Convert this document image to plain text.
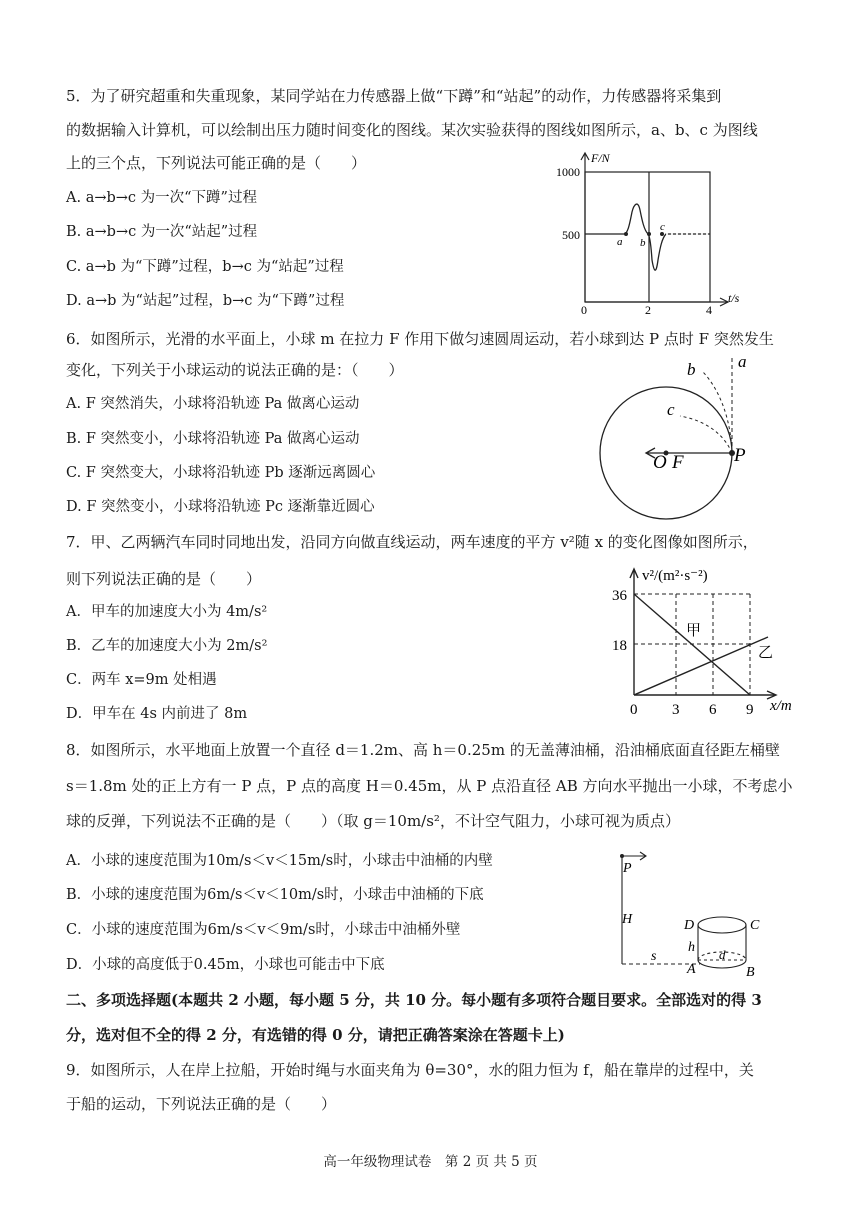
5．为了研究超重和失重现象，某同学站在力传感器上做“下蹲”和“站起”的动作，力传感器将采集到
的数据输入计算机，可以绘制出压力随时间变化的图线。某次实验获得的图线如图所示，a、b、c 为图线
上的三个点，下列说法可能正确的是（　　）
A. a→b→c 为一次“下蹲”过程
B. a→b→c 为一次“站起”过程
C. a→b 为“下蹲”过程，b→c 为“站起”过程
D. a→b 为“站起”过程，b→c 为“下蹲”过程
F/N
1000
500
0	2	4
t/s
a b
c
6．如图所示，光滑的水平面上，小球 m 在拉力 F 作用下做匀速圆周运动，若小球到达 P 点时 F 突然发生
变化，下列关于小球运动的说法正确的是：（　　）
A. F 突然消失，小球将沿轨迹 Pa 做离心运动
B. F 突然变小，小球将沿轨迹 Pa 做离心运动
C. F 突然变大，小球将沿轨迹 Pb 逐渐远离圆心
D. F 突然变小，小球将沿轨迹 Pc 逐渐靠近圆心
a
b
c
O F	P
7．甲、乙两辆汽车同时同地出发，沿同方向做直线运动，两车速度的平方 v²随 x 的变化图像如图所示，
则下列说法正确的是（　　）
A．甲车的加速度大小为 4m/s²
B．乙车的加速度大小为 2m/s²
C．两车 x=9m 处相遇
D．甲车在 4s 内前进了 8m
v²/(m²·s⁻²)
36
18
0 3 6 9 x/m
甲
乙
8．如图所示，水平地面上放置一个直径 d＝1.2m、高 h＝0.25m 的无盖薄油桶，沿油桶底面直径距左桶壁
s＝1.8m 处的正上方有一 P 点，P 点的高度 H＝0.45m，从 P 点沿直径 AB 方向水平抛出一小球，不考虑小
球的反弹，下列说法不正确的是（　　）（取 g＝10m/s²，不计空气阻力，小球可视为质点）
A．小球的速度范围为10m/s＜v＜15m/s时，小球击中油桶的内壁
B．小球的速度范围为6m/s＜v＜10m/s时，小球击中油桶的下底
C．小球的速度范围为6m/s＜v＜9m/s时，小球击中油桶外壁
D．小球的高度低于0.45m，小球也可能击中下底
P
H	D	C
h d
s
A	B
二、多项选择题(本题共 2 小题，每小题 5 分，共 10 分。每小题有多项符合题目要求。全部选对的得 3
分，选对但不全的得 2 分，有选错的得 0 分，请把正确答案涂在答题卡上)
9．如图所示，人在岸上拉船，开始时绳与水面夹角为 θ=30°，水的阻力恒为 f，船在靠岸的过程中，关
于船的运动，下列说法正确的是（　　）
高一年级物理试卷　第 2 页 共 5 页
